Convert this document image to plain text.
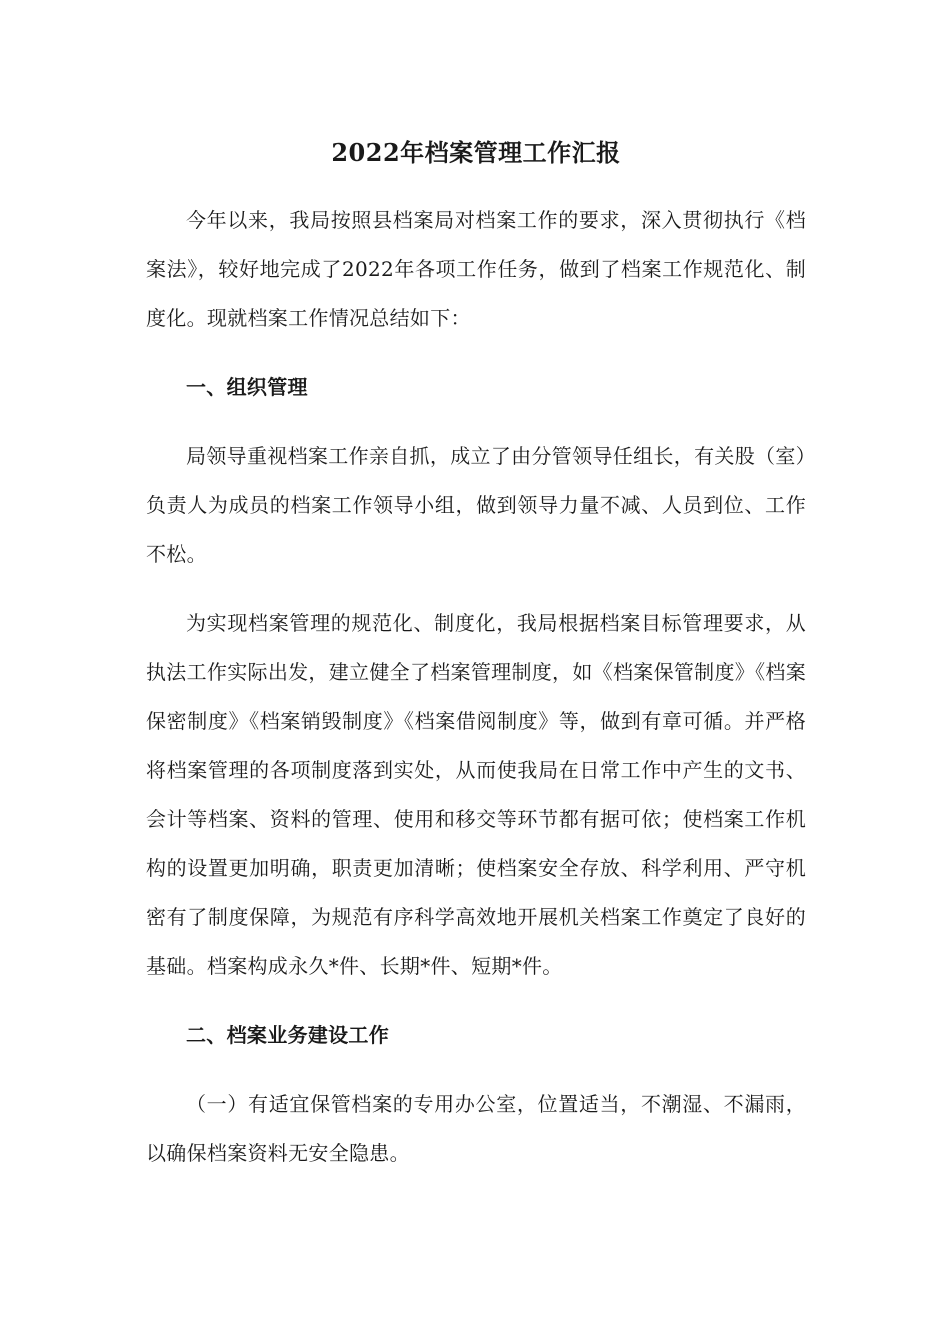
2022年档案管理工作汇报

今年以来，我局按照县档案局对档案工作的要求，深入贯彻执行《档案法》，较好地完成了2022年各项工作任务，做到了档案工作规范化、制度化。现就档案工作情况总结如下：

一、组织管理

局领导重视档案工作亲自抓，成立了由分管领导任组长，有关股（室）负责人为成员的档案工作领导小组，做到领导力量不减、人员到位、工作不松。

为实现档案管理的规范化、制度化，我局根据档案目标管理要求，从执法工作实际出发，建立健全了档案管理制度，如《档案保管制度》《档案保密制度》《档案销毁制度》《档案借阅制度》等，做到有章可循。并严格将档案管理的各项制度落到实处，从而使我局在日常工作中产生的文书、会计等档案、资料的管理、使用和移交等环节都有据可依；使档案工作机构的设置更加明确，职责更加清晰；使档案安全存放、科学利用、严守机密有了制度保障，为规范有序科学高效地开展机关档案工作奠定了良好的基础。档案构成永久*件、长期*件、短期*件。

二、档案业务建设工作

（一）有适宜保管档案的专用办公室，位置适当，不潮湿、不漏雨，以确保档案资料无安全隐患。
